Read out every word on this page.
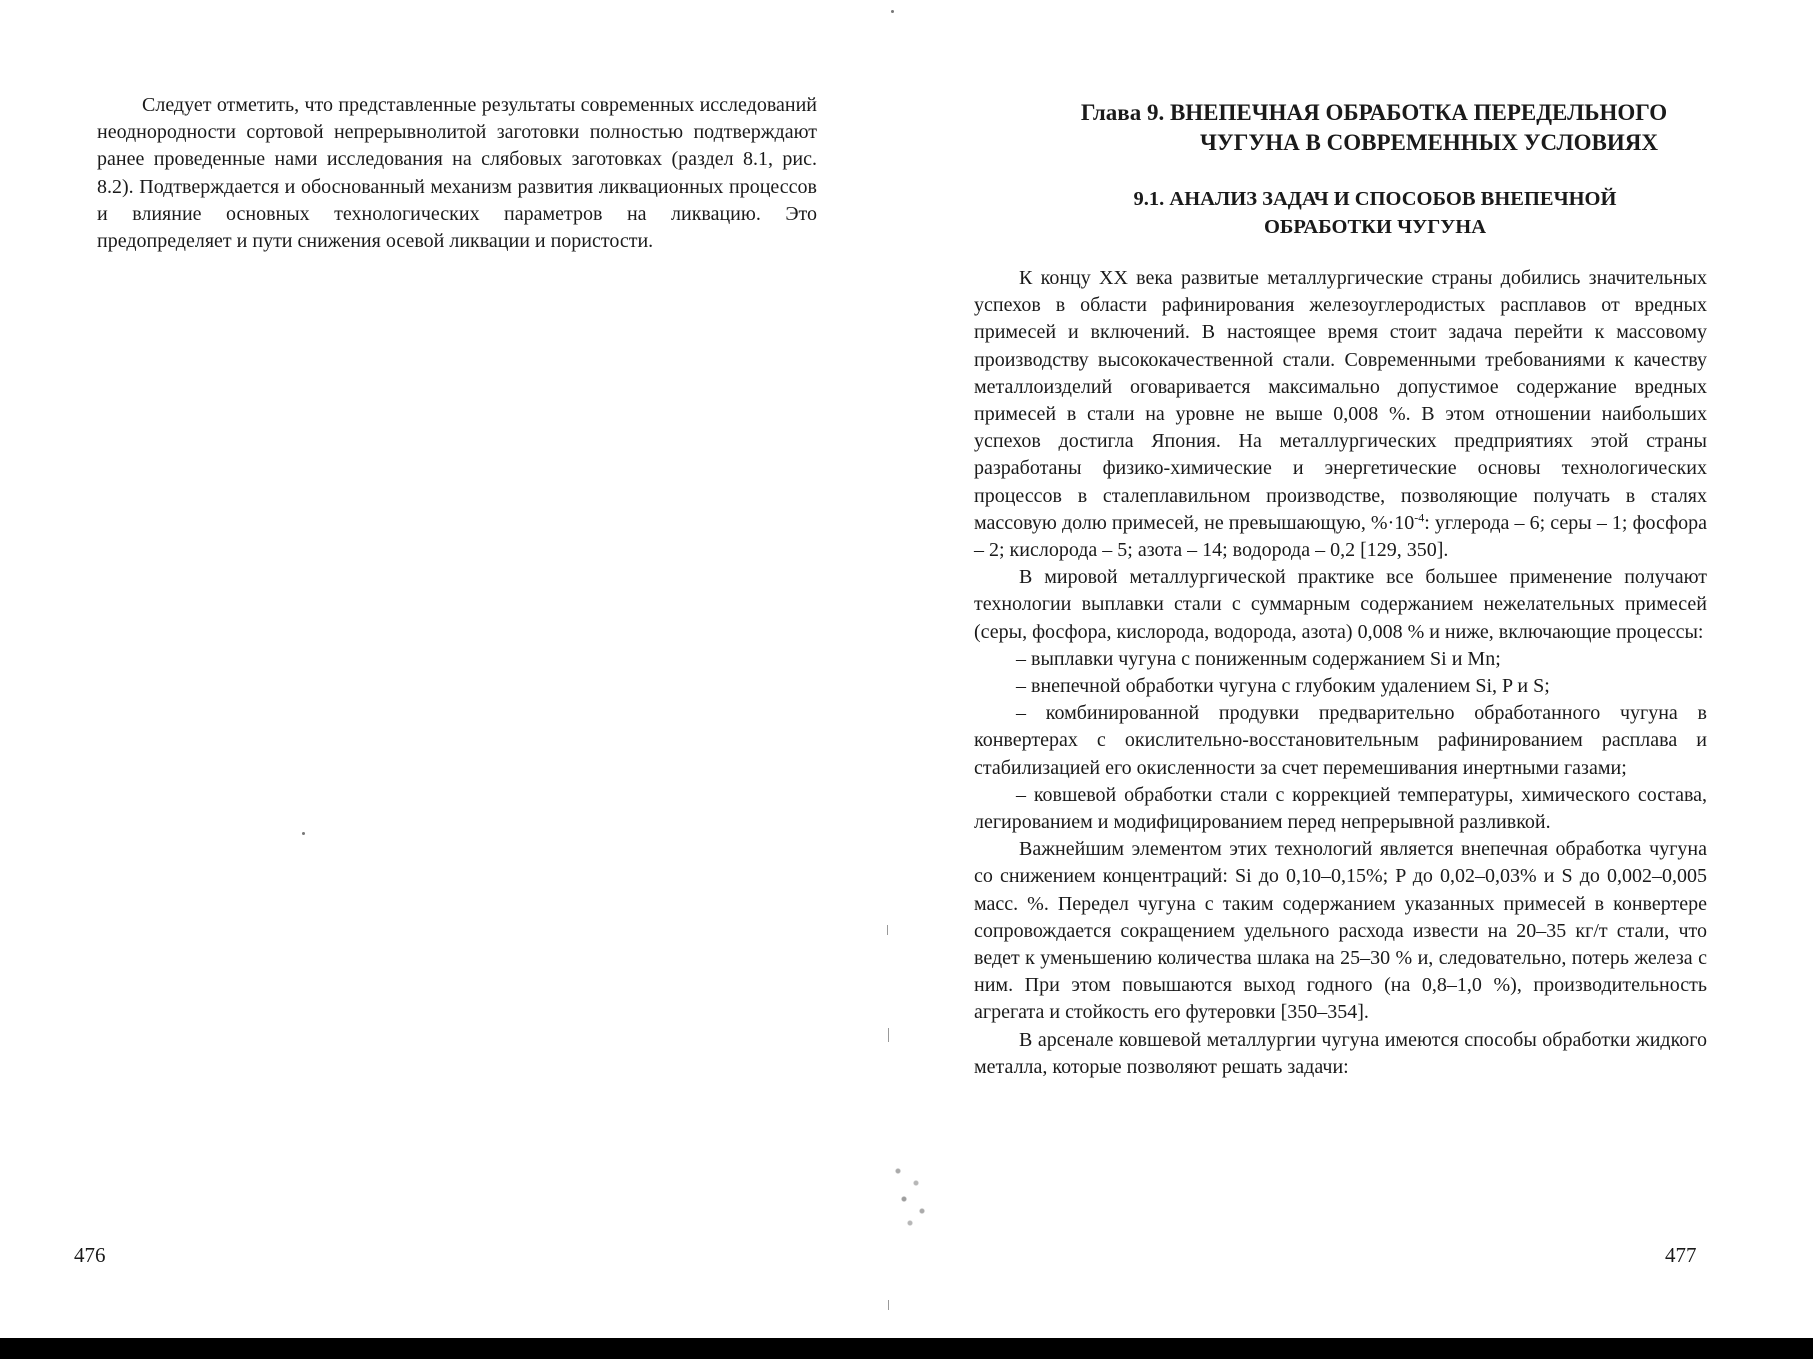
Следует отметить, что представленные результаты современных исследований неоднородности сортовой непрерывнолитой заготовки полностью подтверждают ранее проведенные нами исследования на слябовых заготовках (раздел 8.1, рис. 8.2). Подтверждается и обоснованный механизм развития ликвационных процессов и влияние основных технологических параметров на ликвацию. Это предопределяет и пути снижения осевой ликвации и пористости.

476
Глава 9. ВНЕПЕЧНАЯ ОБРАБОТКА ПЕРЕДЕЛЬНОГО
ЧУГУНА В СОВРЕМЕННЫХ УСЛОВИЯХ
9.1. АНАЛИЗ ЗАДАЧ И СПОСОБОВ ВНЕПЕЧНОЙ
ОБРАБОТКИ ЧУГУНА

К концу XX века развитые металлургические страны добились значительных успехов в области рафинирования железоуглеродистых расплавов от вредных примесей и включений. В настоящее время стоит задача перейти к массовому производству высококачественной стали. Современными требованиями к качеству металлоизделий оговаривается максимально допустимое содержание вредных примесей в стали на уровне не выше 0,008 %. В этом отношении наибольших успехов достигла Япония. На металлургических предприятиях этой страны разработаны физико-химические и энергетические основы технологических процессов в сталеплавильном производстве, позволяющие получать в сталях массовую долю примесей, не превышающую, $\%\cdot 10^{-4}$: углерода – 6; серы – 1; фосфора – 2; кислорода – 5; азота – 14; водорода – 0,2 [129, 350].

В мировой металлургической практике все большее применение получают технологии выплавки стали с суммарным содержанием нежелательных примесей (серы, фосфора, кислорода, водорода, азота) 0,008 % и ниже, включающие процессы:

– выплавки чугуна с пониженным содержанием Si и Mn;

– внепечной обработки чугуна с глубоким удалением Si, P и S;

– комбинированной продувки предварительно обработанного чугуна в конвертерах с окислительно-восстановительным рафинированием расплава и стабилизацией его окисленности за счет перемешивания инертными газами;

– ковшевой обработки стали с коррекцией температуры, химического состава, легированием и модифицированием перед непрерывной разливкой.

Важнейшим элементом этих технологий является внепечная обработка чугуна со снижением концентраций: Si до 0,10–0,15%; P до 0,02–0,03% и S до 0,002–0,005 масс. %. Передел чугуна с таким содержанием указанных примесей в конвертере сопровождается сокращением удельного расхода извести на 20–35 кг/т стали, что ведет к уменьшению количества шлака на 25–30 % и, следовательно, потерь железа с ним. При этом повышаются выход годного (на 0,8–1,0 %), производительность агрегата и стойкость его футеровки [350–354].

В арсенале ковшевой металлургии чугуна имеются способы обработки жидкого металла, которые позволяют решать задачи:

477
